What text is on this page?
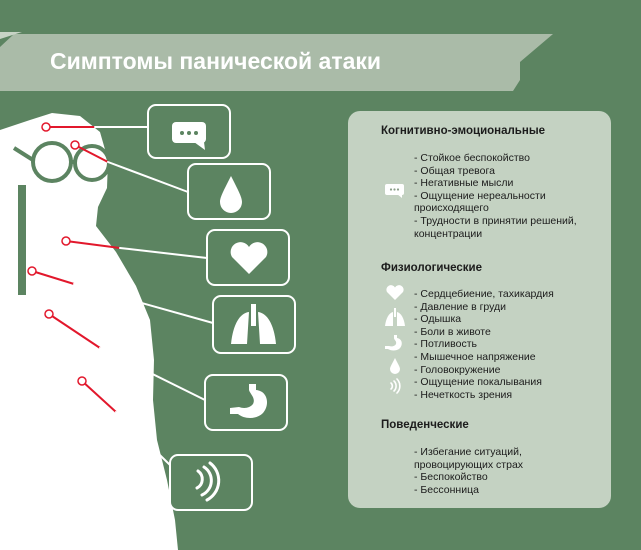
Симптомы панической атаки
Когнитивно-эмоциональные
- Стойкое беспокойство
- Общая тревога
- Негативные мысли
- Ощущение нереальности
происходящего
- Трудности в принятии решений,
концентрации
Физиологические
- Сердцебиение, тахикардия
- Давление в груди
- Одышка
- Боли в животе
- Потливость
- Мышечное напряжение
- Головокружение
- Ощущение покалывания
- Нечеткость зрения
Поведенческие
- Избегание ситуаций,
провоцирующих страх
- Беспокойство
- Бессонница
